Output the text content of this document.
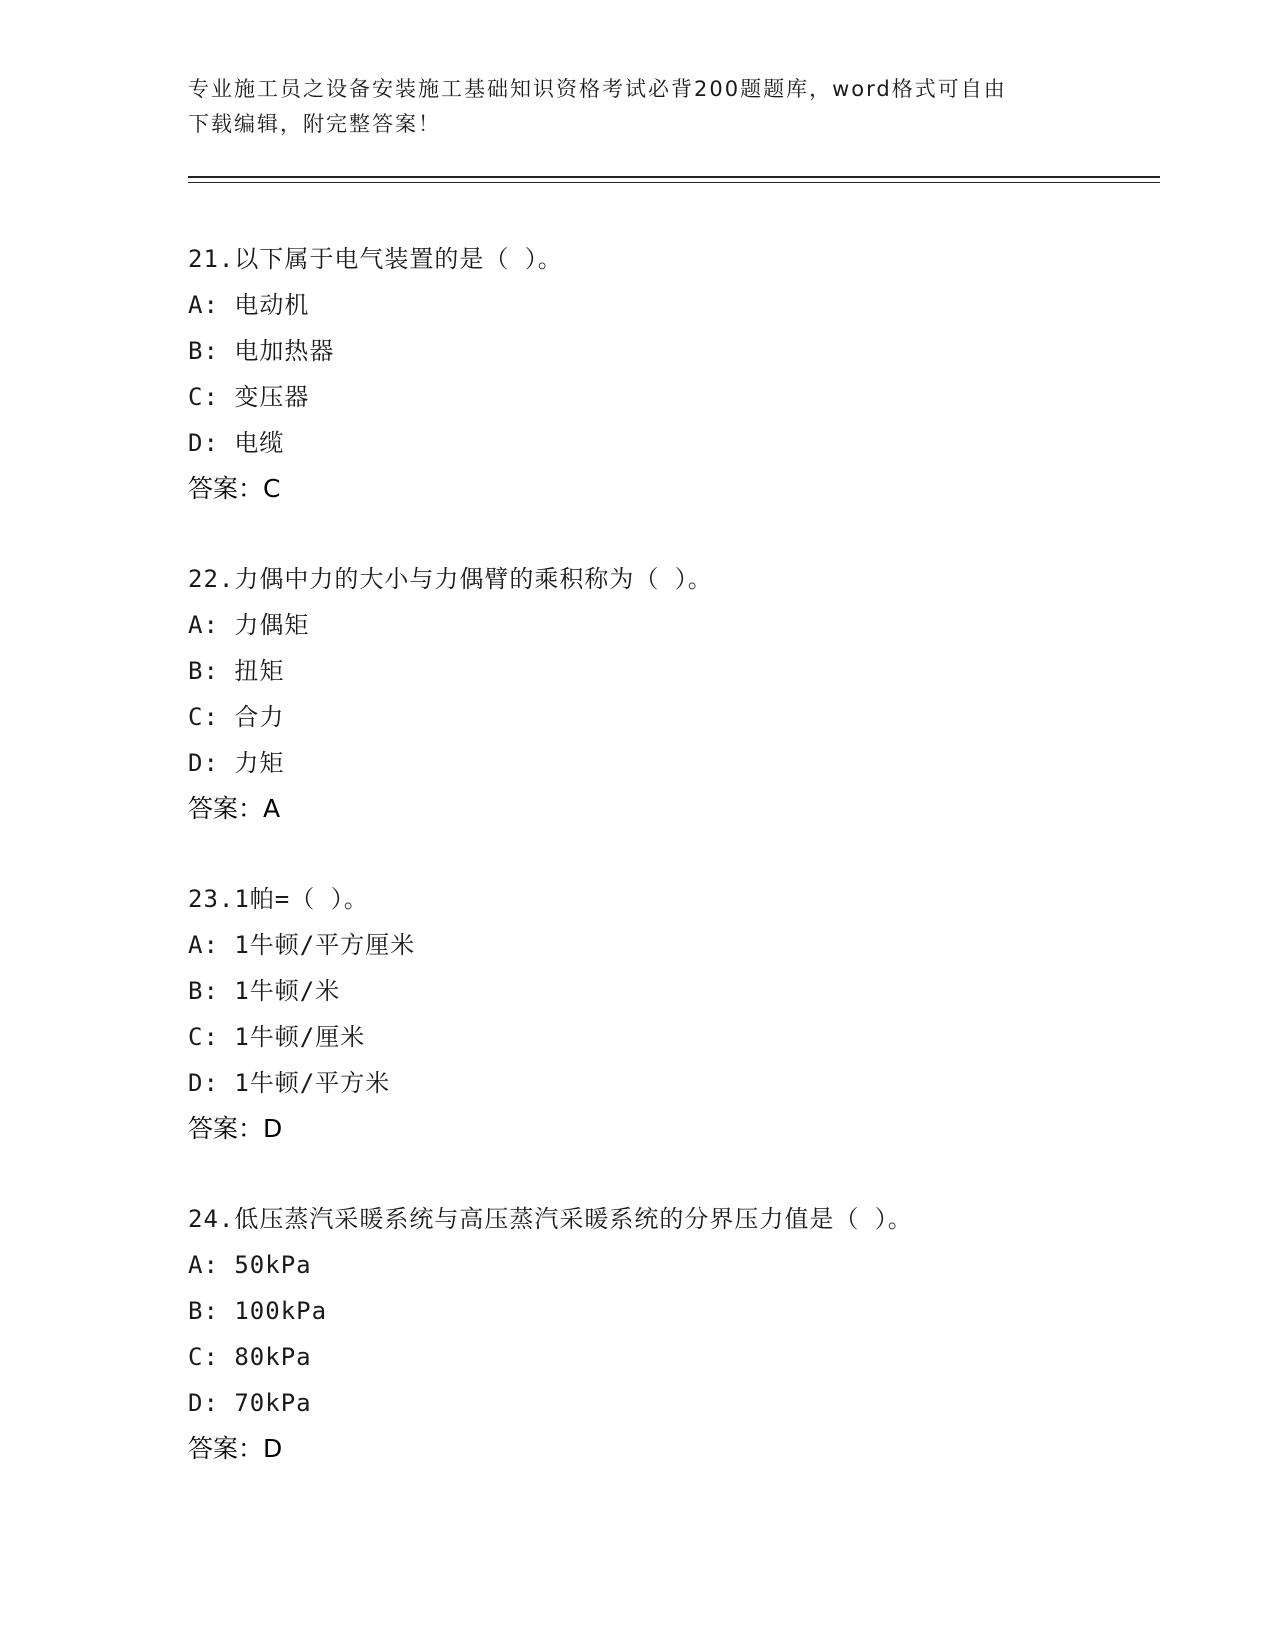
专业施工员之设备安装施工基础知识资格考试必背200题题库，word格式可自由
下载编辑，附完整答案！
21.以下属于电气装置的是（ ）。
A: 电动机
B: 电加热器
C: 变压器
D: 电缆
答案：C
22.力偶中力的大小与力偶臂的乘积称为（ ）。
A: 力偶矩
B: 扭矩
C: 合力
D: 力矩
答案：A
23.1帕=（ ）。
A: 1牛顿/平方厘米
B: 1牛顿/米
C: 1牛顿/厘米
D: 1牛顿/平方米
答案：D
24.低压蒸汽采暖系统与高压蒸汽采暖系统的分界压力值是（ ）。
A: 50kPa
B: 100kPa
C: 80kPa
D: 70kPa
答案：D
